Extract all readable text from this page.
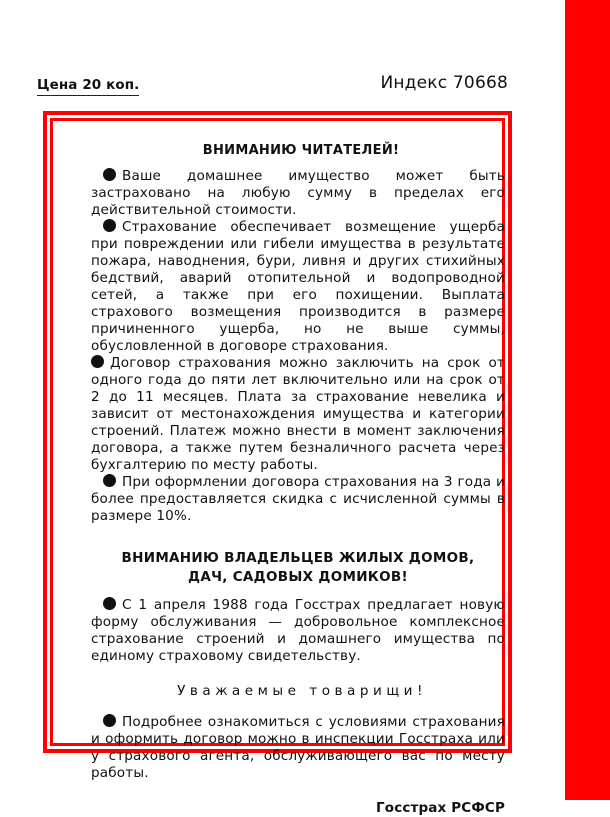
Цена 20 коп.	Индекс 70668
ВНИМАНИЮ ЧИТАТЕЛЕЙ!

Ваше домашнее имущество может быть застраховано на любую сумму в пределах его действительной стоимости.

Страхование обеспечивает возмещение ущерба при повреждении или гибели имущества в результате пожара, наводнения, бури, ливня и других стихийных бедствий, аварий отопительной и водопроводной сетей, а также при его похищении. Выплата страхового возмещения производится в размере причиненного ущерба, но не выше суммы, обусловленной в договоре страхования.

Договор страхования можно заключить на срок от одного года до пяти лет включительно или на срок от 2 до 11 месяцев. Плата за страхование невелика и зависит от местонахождения имущества и категории строений. Платеж можно внести в момент заключения договора, а также путем безналичного расчета через бухгалтерию по месту работы.

При оформлении договора страхования на 3 года и более предоставляется скидка с исчисленной суммы в размере 10%.

ВНИМАНИЮ ВЛАДЕЛЬЦЕВ ЖИЛЫХ ДОМОВ,
ДАЧ, САДОВЫХ ДОМИКОВ!

С 1 апреля 1988 года Госстрах предлагает новую форму обслуживания — добровольное комплексное страхование строений и домашнего имущества по единому страховому свидетельству.

Уважаемые товарищи!

Подробнее ознакомиться с условиями страхования и оформить договор можно в инспекции Госстраха или у страхового агента, обслуживающего вас по месту работы.

Госстрах РСФСР
